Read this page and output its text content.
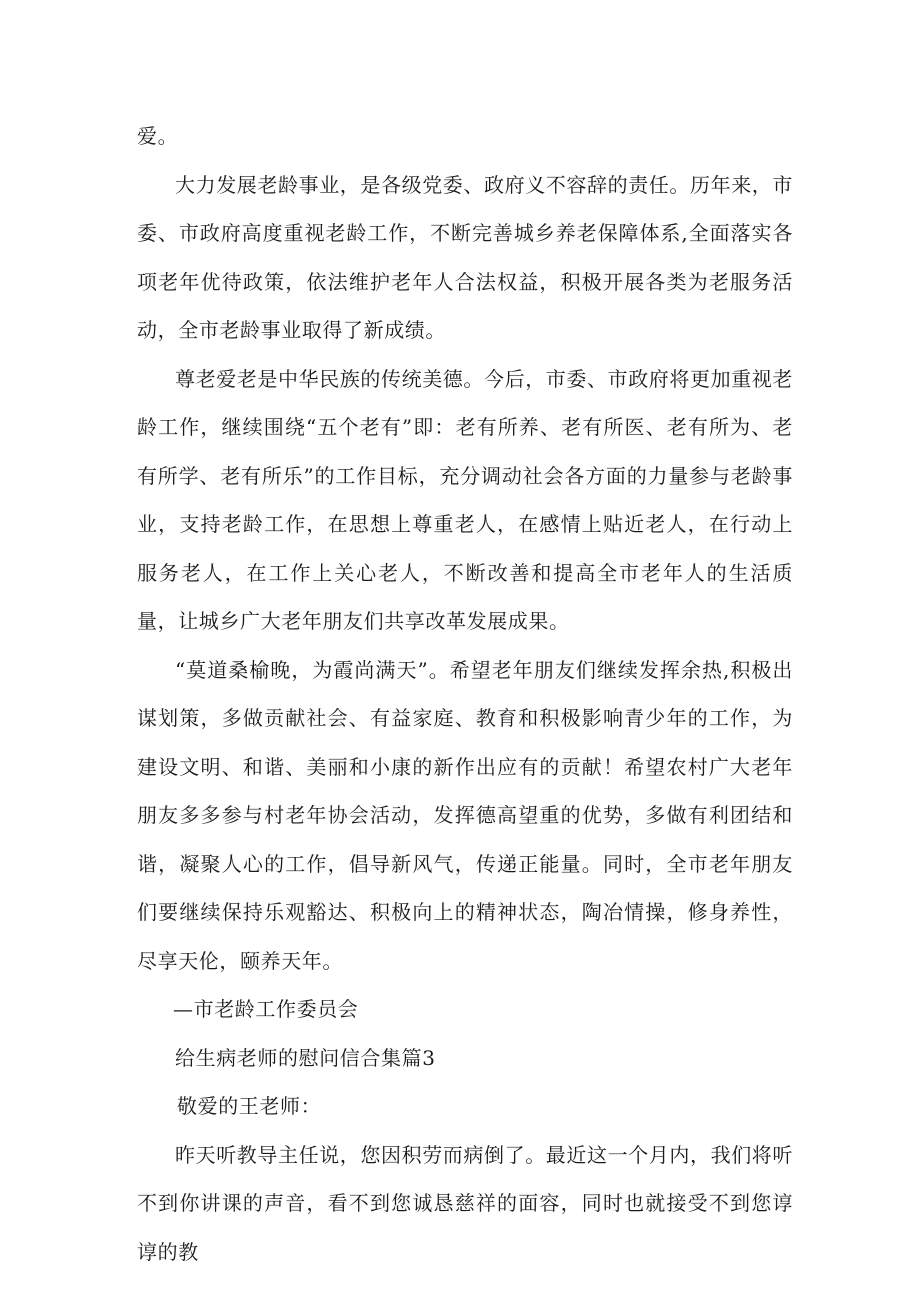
爱。

大力发展老龄事业，是各级党委、政府义不容辞的责任。历年来，市委、市政府高度重视老龄工作，不断完善城乡养老保障体系,全面落实各项老年优待政策，依法维护老年人合法权益，积极开展各类为老服务活动，全市老龄事业取得了新成绩。

尊老爱老是中华民族的传统美德。今后，市委、市政府将更加重视老龄工作，继续围绕“五个老有”即：老有所养、老有所医、老有所为、老有所学、老有所乐”的工作目标，充分调动社会各方面的力量参与老龄事业，支持老龄工作，在思想上尊重老人，在感情上贴近老人，在行动上服务老人，在工作上关心老人，不断改善和提高全市老年人的生活质量，让城乡广大老年朋友们共享改革发展成果。

“莫道桑榆晚，为霞尚满天”。希望老年朋友们继续发挥余热,积极出谋划策，多做贡献社会、有益家庭、教育和积极影响青少年的工作，为建设文明、和谐、美丽和小康的新作出应有的贡献！希望农村广大老年朋友多多参与村老年协会活动，发挥德高望重的优势，多做有利团结和谐，凝聚人心的工作，倡导新风气，传递正能量。同时，全市老年朋友们要继续保持乐观豁达、积极向上的精神状态，陶冶情操，修身养性，尽享天伦，颐养天年。

—市老龄工作委员会

给生病老师的慰问信合集篇3

敬爱的王老师：

昨天听教导主任说，您因积劳而病倒了。最近这一个月内，我们将听不到你讲课的声音，看不到您诚恳慈祥的面容，同时也就接受不到您谆谆的教
